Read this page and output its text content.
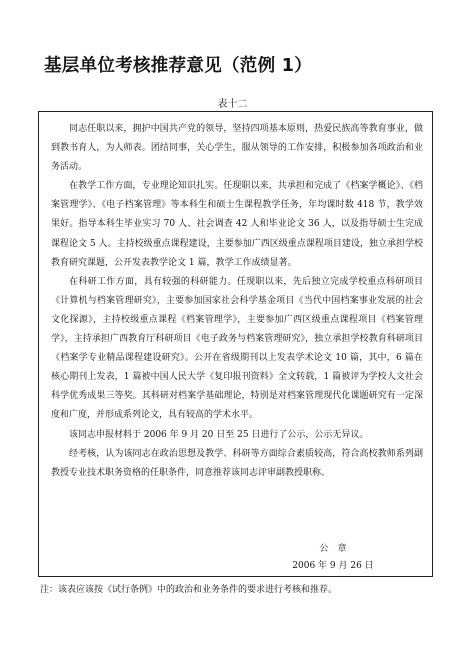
基层单位考核推荐意见（范例 1）
表十二

同志任职以来，拥护中国共产党的领导，坚持四项基本原则，热爱民族高等教育事业，做到教书育人，为人师表。团结同事，关心学生，服从领导的工作安排，积极参加各项政治和业务活动。

在教学工作方面，专业理论知识扎实。任现职以来，共承担和完成了《档案学概论》、《档案管理学》、《电子档案管理》等本科生和硕士生课程教学任务，年均课时数 418 节，教学效果好。指导本科生毕业实习 70 人、社会调查 42 人和毕业论文 36 人，以及指导硕士生完成课程论文 5 人。主持校级重点课程建设，主要参加广西区级重点课程项目建设，独立承担学校教育研究课题，公开发表教学论文 1 篇，教学工作成绩显著。

在科研工作方面，具有较强的科研能力。任现职以来，先后独立完成学校重点科研项目《计算机与档案管理研究》，主要参加国家社会科学基金项目《当代中国档案事业发展的社会文化探源》，主持校级重点课程《档案管理学》，主要参加广西区级重点课程项目《档案管理学》，主持承担广西教育厅科研项目《电子政务与档案管理研究》，独立承担学校教育科研项目《档案学专业精品课程建设研究》。公开在省级期刊以上发表学术论文 10 篇，其中，6 篇在核心期刊上发表，1 篇被中国人民大学《复印报刊资料》全文转载，1 篇被评为学校人文社会科学优秀成果三等奖。其科研对档案学基础理论，特别是对档案管理现代化课题研究有一定深度和广度，并形成系列论文，具有较高的学术水平。

该同志申报材料于 2006 年 9 月 20 日至 25 日进行了公示，公示无异议。

经考核，认为该同志在政治思想及教学、科研等方面综合素质较高，符合高校教师系列副教授专业技术职务资格的任职条件，同意推荐该同志评审副教授职称。

公　章
2006 年 9 月 26 日
注：该表应该按《试行条例》中的政治和业务条件的要求进行考核和推荐。
